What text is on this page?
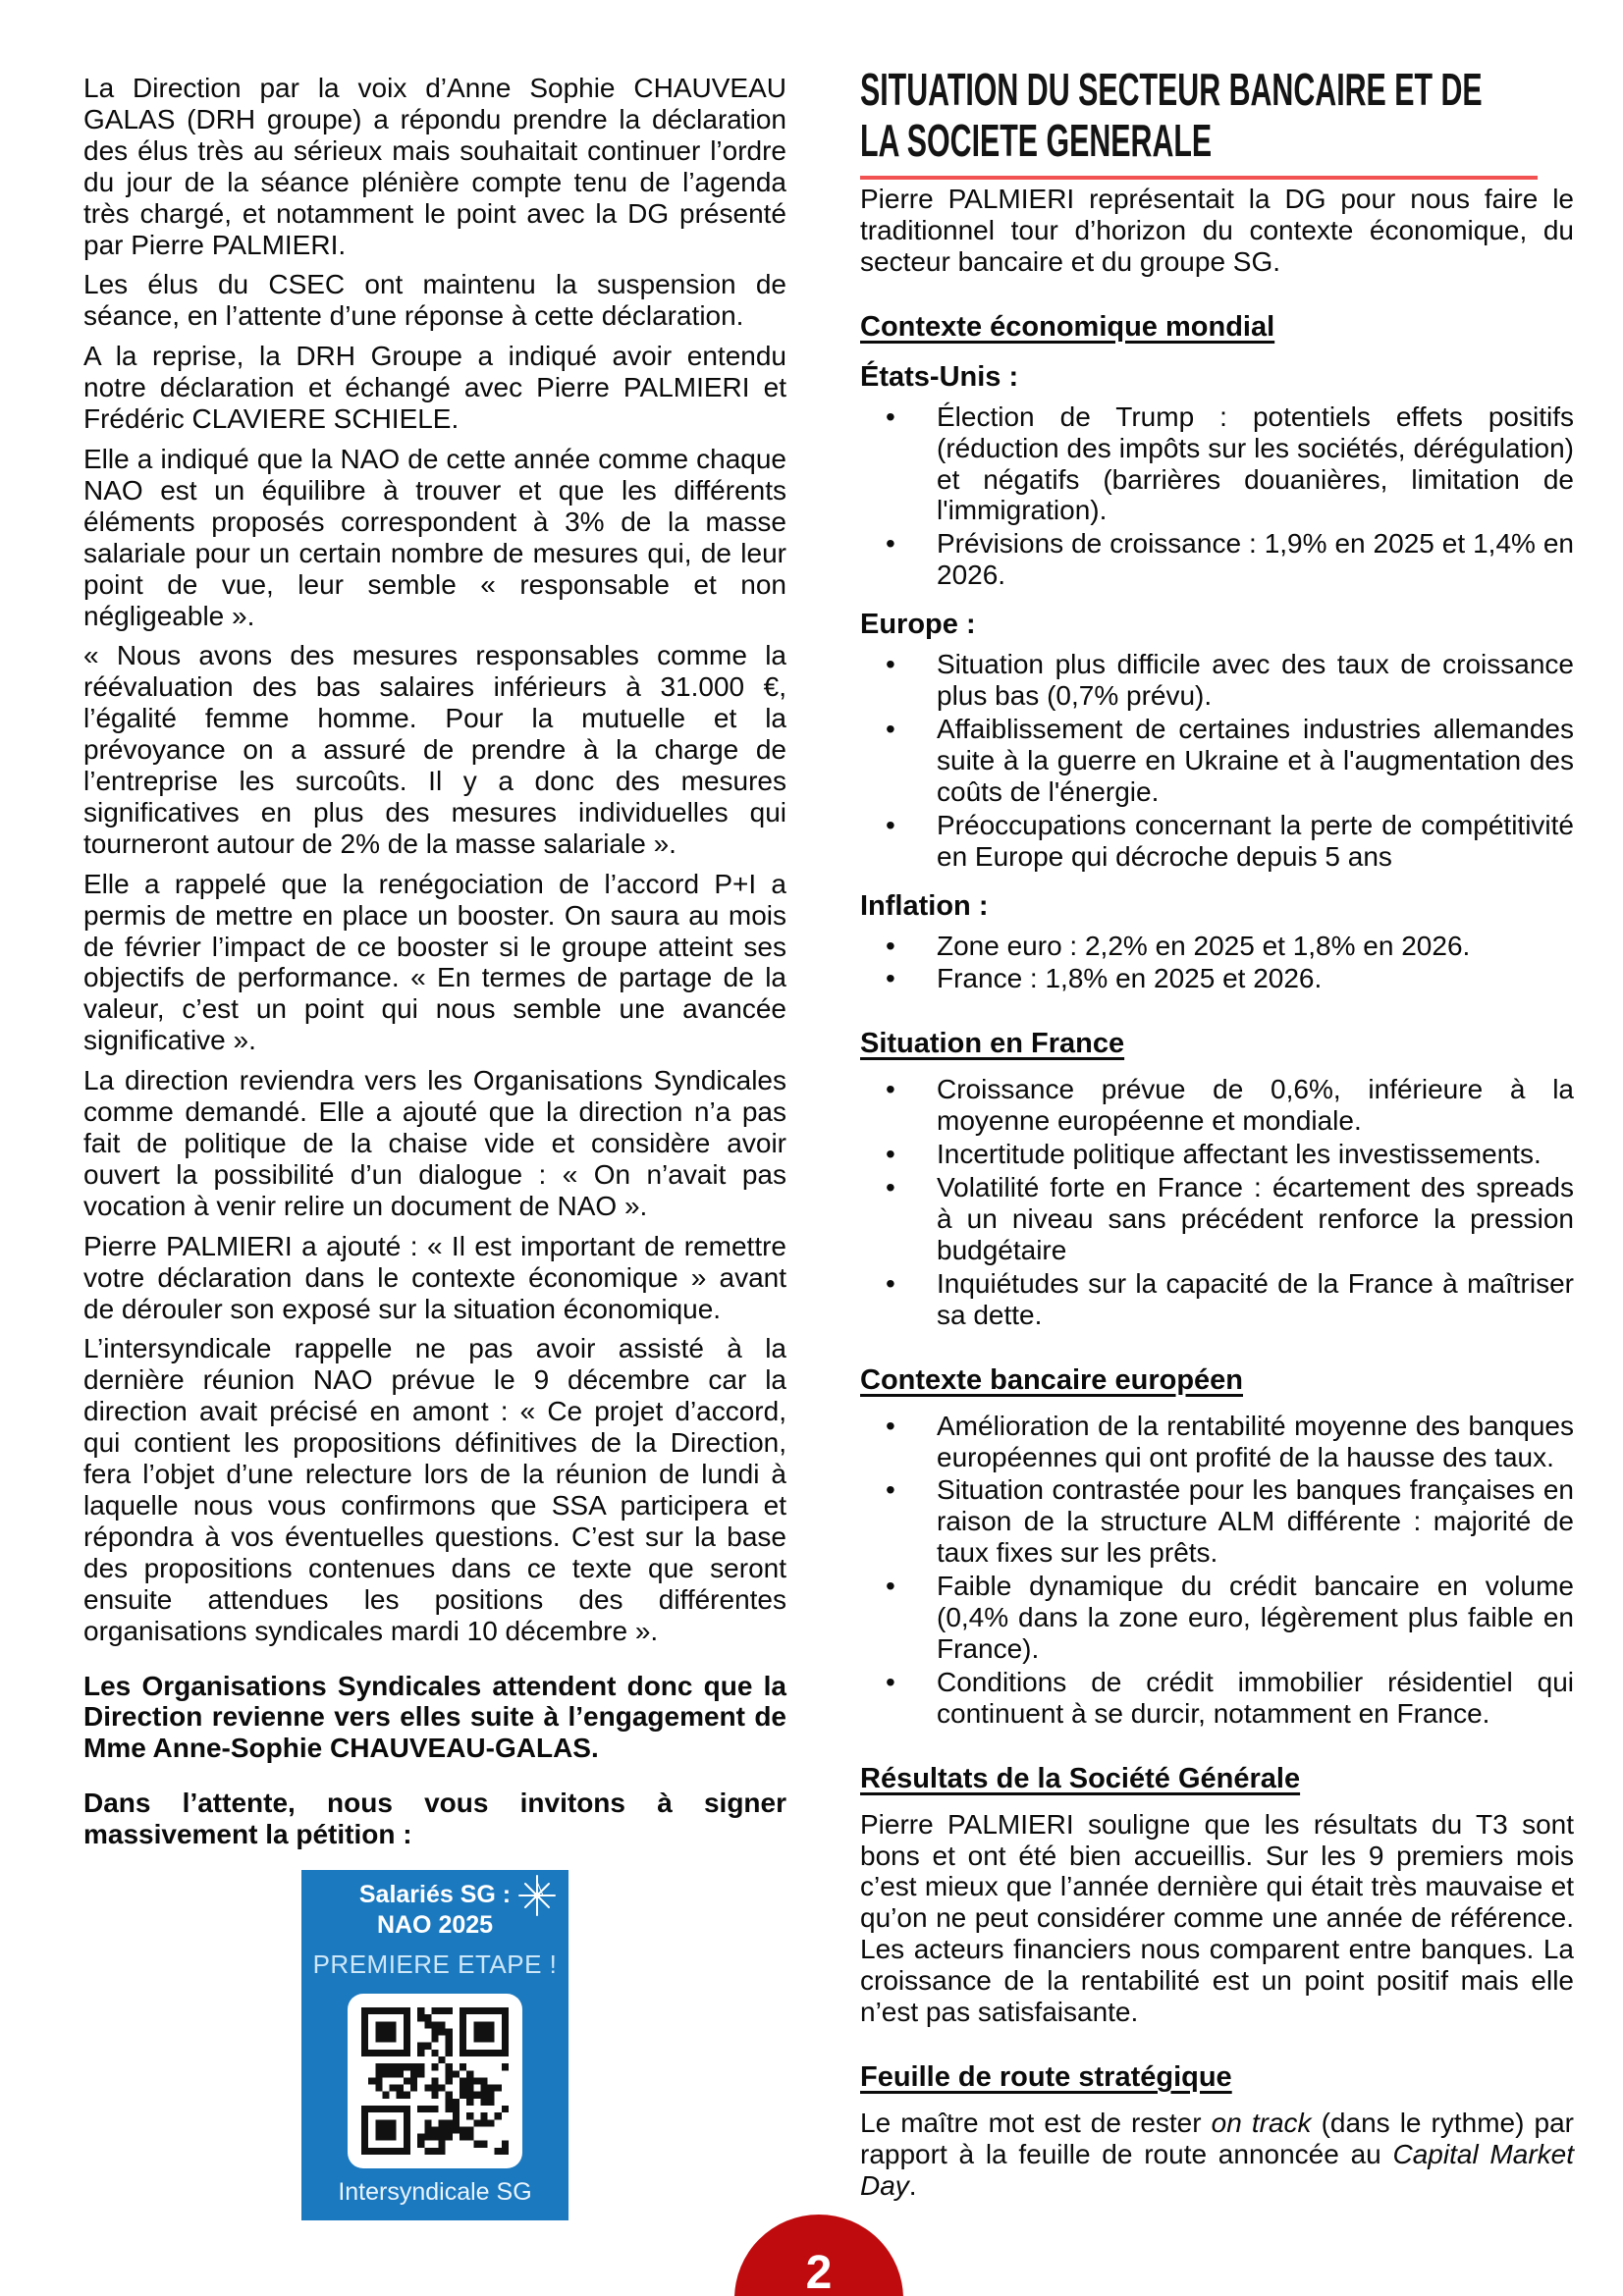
La Direction par la voix d’Anne Sophie CHAUVEAU GALAS (DRH groupe) a répondu prendre la déclaration des élus très au sérieux mais souhaitait continuer l’ordre du jour de la séance plénière compte tenu de l’agenda très chargé, et notamment le point avec la DG présenté par Pierre PALMIERI.

Les élus du CSEC ont maintenu la suspension de séance, en l’attente d’une réponse à cette déclaration.

A la reprise, la DRH Groupe a indiqué avoir entendu notre déclaration et échangé avec Pierre PALMIERI et Frédéric CLAVIERE SCHIELE.

Elle a indiqué que la NAO de cette année comme chaque NAO est un équilibre à trouver et que les différents éléments proposés correspondent à 3% de la masse salariale pour un certain nombre de mesures qui, de leur point de vue, leur semble « responsable et non négligeable ».

« Nous avons des mesures responsables comme la réévaluation des bas salaires inférieurs à 31.000 €, l’égalité femme homme. Pour la mutuelle et la prévoyance on a assuré de prendre à la charge de l’entreprise les surcoûts. Il y a donc des mesures significatives en plus des mesures individuelles qui tourneront autour de 2% de la masse salariale ».

Elle a rappelé que la renégociation de l’accord P+I a permis de mettre en place un booster. On saura au mois de février l’impact de ce booster si le groupe atteint ses objectifs de performance. « En termes de partage de la valeur, c’est un point qui nous semble une avancée significative ».

La direction reviendra vers les Organisations Syndicales comme demandé. Elle a ajouté que la direction n’a pas fait de politique de la chaise vide et considère avoir ouvert la possibilité d’un dialogue : « On n’avait pas vocation à venir relire un document de NAO ».

Pierre PALMIERI a ajouté : « Il est important de remettre votre déclaration dans le contexte économique » avant de dérouler son exposé sur la situation économique.

L’intersyndicale rappelle ne pas avoir assisté à la dernière réunion NAO prévue le 9 décembre car la direction avait précisé en amont : « Ce projet d’accord, qui contient les propositions définitives de la Direction, fera l’objet d’une relecture lors de la réunion de lundi à laquelle nous vous confirmons que SSA participera et répondra à vos éventuelles questions. C’est sur la base des propositions contenues dans ce texte que seront ensuite attendues les positions des différentes organisations syndicales mardi 10 décembre ».

Les Organisations Syndicales attendent donc que la Direction revienne vers elles suite à l’engagement de Mme Anne-Sophie CHAUVEAU-GALAS.

Dans l’attente, nous vous invitons à signer massivement la pétition :

Salariés SG :
NAO 2025
PREMIERE ETAPE !
Intersyndicale SG
SITUATION DU SECTEUR BANCAIRE ET DE
LA SOCIETE GENERALE

Pierre PALMIERI représentait la DG pour nous faire le traditionnel tour d’horizon du contexte économique, du secteur bancaire et du groupe SG.

Contexte économique mondial
États-Unis :
• Élection de Trump : potentiels effets positifs (réduction des impôts sur les sociétés, dérégulation) et négatifs (barrières douanières, limitation de l'immigration).
• Prévisions de croissance : 1,9% en 2025 et 1,4% en 2026.
Europe :
• Situation plus difficile avec des taux de croissance plus bas (0,7% prévu).
• Affaiblissement de certaines industries allemandes suite à la guerre en Ukraine et à l'augmentation des coûts de l'énergie.
• Préoccupations concernant la perte de compétitivité en Europe qui décroche depuis 5 ans
Inflation :
• Zone euro : 2,2% en 2025 et 1,8% en 2026.
• France : 1,8% en 2025 et 2026.
Situation en France
• Croissance prévue de 0,6%, inférieure à la moyenne européenne et mondiale.
• Incertitude politique affectant les investissements.
• Volatilité forte en France : écartement des spreads à un niveau sans précédent renforce la pression budgétaire
• Inquiétudes sur la capacité de la France à maîtriser sa dette.
Contexte bancaire européen
• Amélioration de la rentabilité moyenne des banques européennes qui ont profité de la hausse des taux.
• Situation contrastée pour les banques françaises en raison de la structure ALM différente : majorité de taux fixes sur les prêts.
• Faible dynamique du crédit bancaire en volume (0,4% dans la zone euro, légèrement plus faible en France).
• Conditions de crédit immobilier résidentiel qui continuent à se durcir, notamment en France.
Résultats de la Société Générale

Pierre PALMIERI souligne que les résultats du T3 sont bons et ont été bien accueillis. Sur les 9 premiers mois c’est mieux que l’année dernière qui était très mauvaise et qu’on ne peut considérer comme une année de référence. Les acteurs financiers nous comparent entre banques. La croissance de la rentabilité est un point positif mais elle n’est pas satisfaisante.

Feuille de route stratégique

Le maître mot est de rester on track (dans le rythme) par rapport à la feuille de route annoncée au Capital Market Day.

2
